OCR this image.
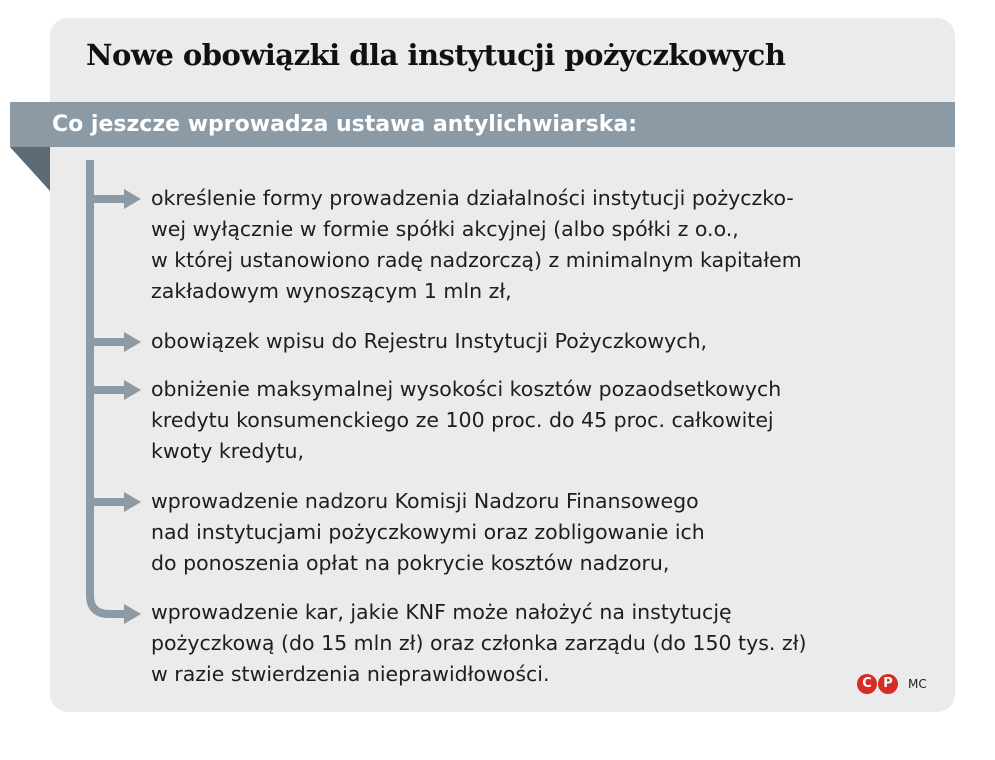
Nowe obowiązki dla instytucji pożyczkowych
Co jeszcze wprowadza ustawa antylichwiarska:

określenie formy prowadzenia działalności instytucji pożyczko-
wej wyłącznie w formie spółki akcyjnej (albo spółki z o.o.,
w której ustanowiono radę nadzorczą) z minimalnym kapitałem
zakładowym wynoszącym 1 mln zł,

obowiązek wpisu do Rejestru Instytucji Pożyczkowych,

obniżenie maksymalnej wysokości kosztów pozaodsetkowych
kredytu konsumenckiego ze 100 proc. do 45 proc. całkowitej
kwoty kredytu,

wprowadzenie nadzoru Komisji Nadzoru Finansowego
nad instytucjami pożyczkowymi oraz zobligowanie ich
do ponoszenia opłat na pokrycie kosztów nadzoru,

wprowadzenie kar, jakie KNF może nałożyć na instytucję
pożyczkową (do 15 mln zł) oraz członka zarządu (do 150 tys. zł)
w razie stwierdzenia nieprawidłowości.	C P	MC
